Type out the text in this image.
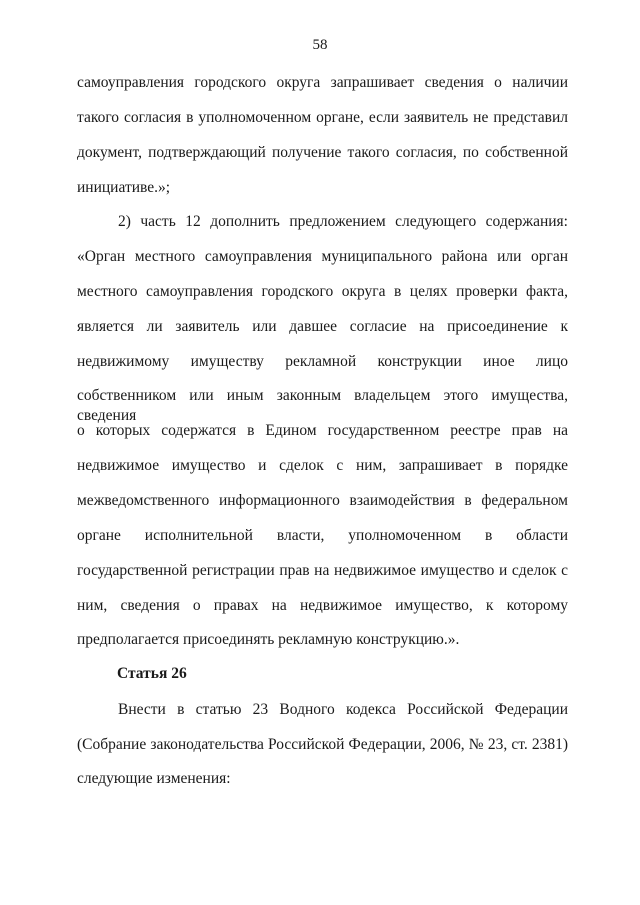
58
самоуправления городского округа запрашивает сведения о наличии
такого согласия в уполномоченном органе, если заявитель не представил
документ, подтверждающий получение такого согласия, по собственной
инициативе.»;
2) часть 12 дополнить предложением следующего содержания:
«Орган местного самоуправления муниципального района или орган
местного самоуправления городского округа в целях проверки факта,
является ли заявитель или давшее согласие на присоединение к
недвижимому имуществу рекламной конструкции иное лицо
собственником или иным законным владельцем этого имущества, сведения
о которых содержатся в Едином государственном реестре прав на
недвижимое имущество и сделок с ним, запрашивает в порядке
межведомственного информационного взаимодействия в федеральном
органе исполнительной власти, уполномоченном в области
государственной регистрации прав на недвижимое имущество и сделок с
ним, сведения о правах на недвижимое имущество, к которому
предполагается присоединять рекламную конструкцию.».
Статья 26
Внести в статью 23 Водного кодекса Российской Федерации
(Собрание законодательства Российской Федерации, 2006, № 23, ст. 2381)
следующие изменения:
